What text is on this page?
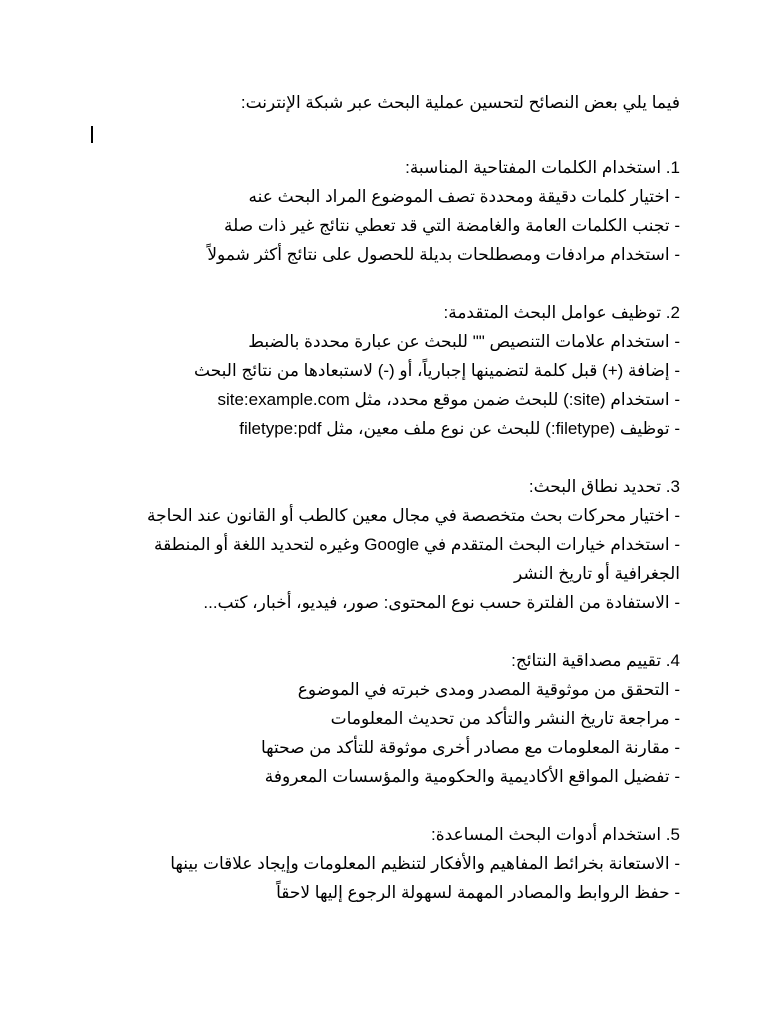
فيما يلي بعض النصائح لتحسين عملية البحث عبر شبكة الإنترنت:

1. استخدام الكلمات المفتاحية المناسبة:

- اختيار كلمات دقيقة ومحددة تصف الموضوع المراد البحث عنه

- تجنب الكلمات العامة والغامضة التي قد تعطي نتائج غير ذات صلة

- استخدام مرادفات ومصطلحات بديلة للحصول على نتائج أكثر شمولاً

2. توظيف عوامل البحث المتقدمة:

- استخدام علامات التنصيص "" للبحث عن عبارة محددة بالضبط

- إضافة (+) قبل كلمة لتضمينها إجبارياً، أو (-) لاستبعادها من نتائج البحث

- استخدام (site:) للبحث ضمن موقع محدد، مثل site:example.com

- توظيف (filetype:) للبحث عن نوع ملف معين، مثل filetype:pdf

3. تحديد نطاق البحث:

- اختيار محركات بحث متخصصة في مجال معين كالطب أو القانون عند الحاجة

- استخدام خيارات البحث المتقدم في Google وغيره لتحديد اللغة أو المنطقة الجغرافية أو تاريخ النشر

- الاستفادة من الفلترة حسب نوع المحتوى: صور، فيديو، أخبار، كتب...

4. تقييم مصداقية النتائج:

- التحقق من موثوقية المصدر ومدى خبرته في الموضوع

- مراجعة تاريخ النشر والتأكد من تحديث المعلومات

- مقارنة المعلومات مع مصادر أخرى موثوقة للتأكد من صحتها

- تفضيل المواقع الأكاديمية والحكومية والمؤسسات المعروفة

5. استخدام أدوات البحث المساعدة:

- الاستعانة بخرائط المفاهيم والأفكار لتنظيم المعلومات وإيجاد علاقات بينها

- حفظ الروابط والمصادر المهمة لسهولة الرجوع إليها لاحقاً
